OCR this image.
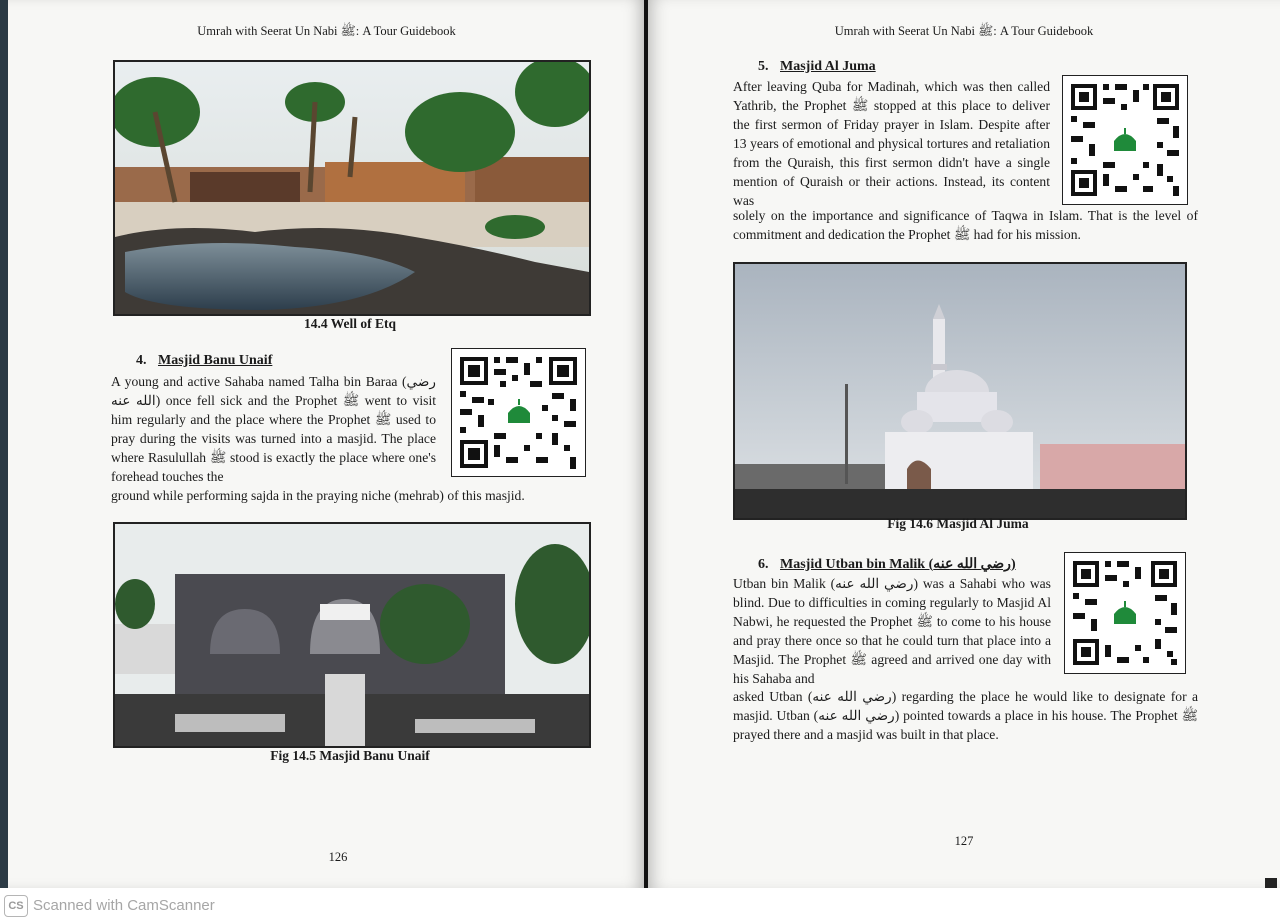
Umrah with Seerat Un Nabi ﷺ: A Tour Guidebook
14.4 Well of Etq
4. Masjid Banu Unaif
A young and active Sahaba named Talha bin Baraa (رضي الله عنه) once fell sick and the Prophet ﷺ went to visit him regularly and the place where the Prophet ﷺ used to pray during the visits was turned into a masjid. The place where Rasulullah ﷺ stood is exactly the place where one's forehead touches the
ground while performing sajda in the praying niche (mehrab) of this masjid.
Fig 14.5 Masjid Banu Unaif
126
Umrah with Seerat Un Nabi ﷺ: A Tour Guidebook
5. Masjid Al Juma
After leaving Quba for Madinah, which was then called Yathrib, the Prophet ﷺ stopped at this place to deliver the first sermon of Friday prayer in Islam. Despite after 13 years of emotional and physical tortures and retaliation from the Quraish, this first sermon didn't have a single mention of Quraish or their actions. Instead, its content was
solely on the importance and significance of Taqwa in Islam. That is the level of commitment and dedication the Prophet ﷺ had for his mission.
Fig 14.6 Masjid Al Juma
6. Masjid Utban bin Malik (رضي الله عنه)
Utban bin Malik (رضي الله عنه) was a Sahabi who was blind. Due to difficulties in coming regularly to Masjid Al Nabwi, he requested the Prophet ﷺ to come to his house and pray there once so that he could turn that place into a Masjid. The Prophet ﷺ agreed and arrived one day with his Sahaba and
asked Utban (رضي الله عنه) regarding the place he would like to designate for a masjid. Utban (رضي الله عنه) pointed towards a place in his house. The Prophet ﷺ prayed there and a masjid was built in that place.
127
CS Scanned with CamScanner
